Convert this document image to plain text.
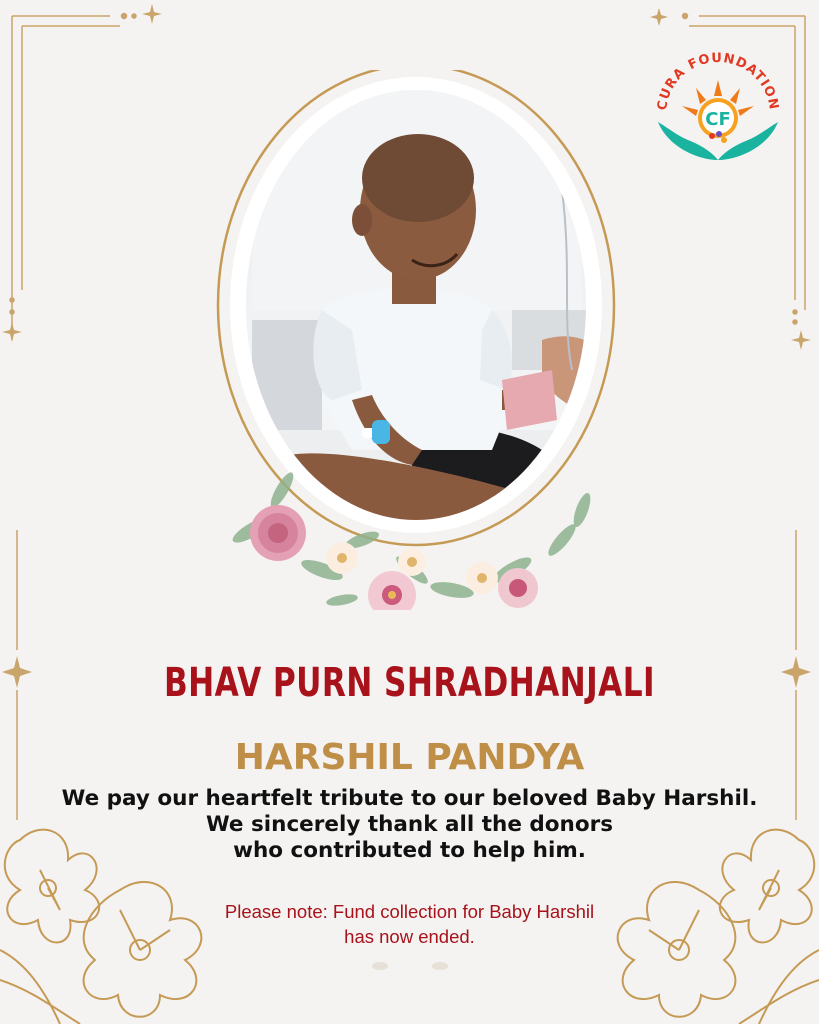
CURA FOUNDATION
CF
BHAV PURN SHRADHANJALI
HARSHIL PANDYA
We pay our heartfelt tribute to our beloved Baby Harshil.
We sincerely thank all the donors
who contributed to help him.
Please note: Fund collection for Baby Harshil
has now ended.
